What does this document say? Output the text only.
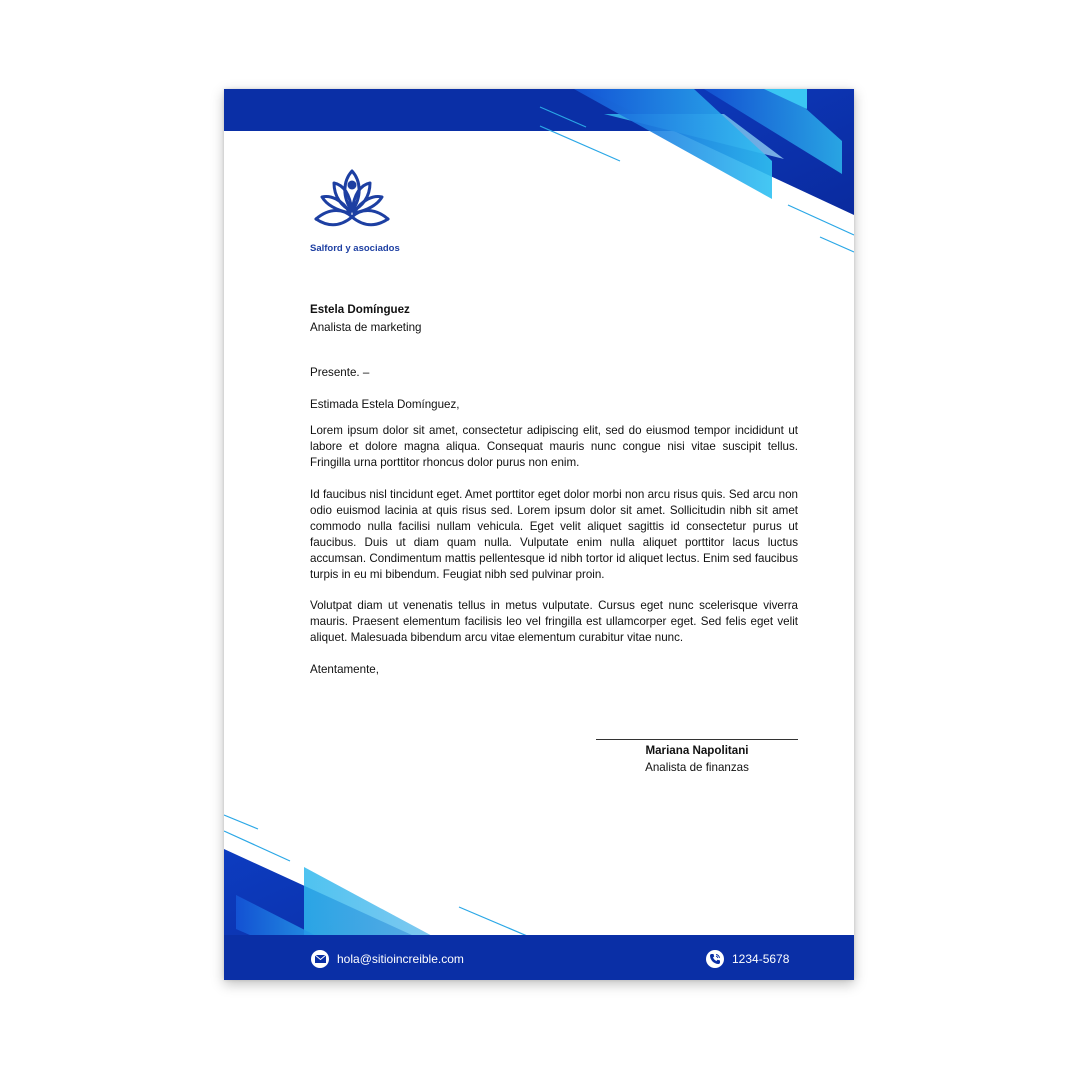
Salford y asociados
Estela Domínguez
Analista de marketing
Presente. –
Estimada Estela Domínguez,
Lorem ipsum dolor sit amet, consectetur adipiscing elit, sed do eiusmod tempor incididunt ut labore et dolore magna aliqua. Consequat mauris nunc congue nisi vitae suscipit tellus. Fringilla urna porttitor rhoncus dolor purus non enim.
Id faucibus nisl tincidunt eget. Amet porttitor eget dolor morbi non arcu risus quis. Sed arcu non odio euismod lacinia at quis risus sed. Lorem ipsum dolor sit amet. Sollicitudin nibh sit amet commodo nulla facilisi nullam vehicula. Eget velit aliquet sagittis id consectetur purus ut faucibus. Duis ut diam quam nulla. Vulputate enim nulla aliquet porttitor lacus luctus accumsan. Condimentum mattis pellentesque id nibh tortor id aliquet lectus. Enim sed faucibus turpis in eu mi bibendum. Feugiat nibh sed pulvinar proin.
Volutpat diam ut venenatis tellus in metus vulputate. Cursus eget nunc scelerisque viverra mauris. Praesent elementum facilisis leo vel fringilla est ullamcorper eget. Sed felis eget velit aliquet. Malesuada bibendum arcu vitae elementum curabitur vitae nunc.
Atentamente,
Mariana Napolitani
Analista de finanzas
hola@sitioincreible.com	1234-5678
